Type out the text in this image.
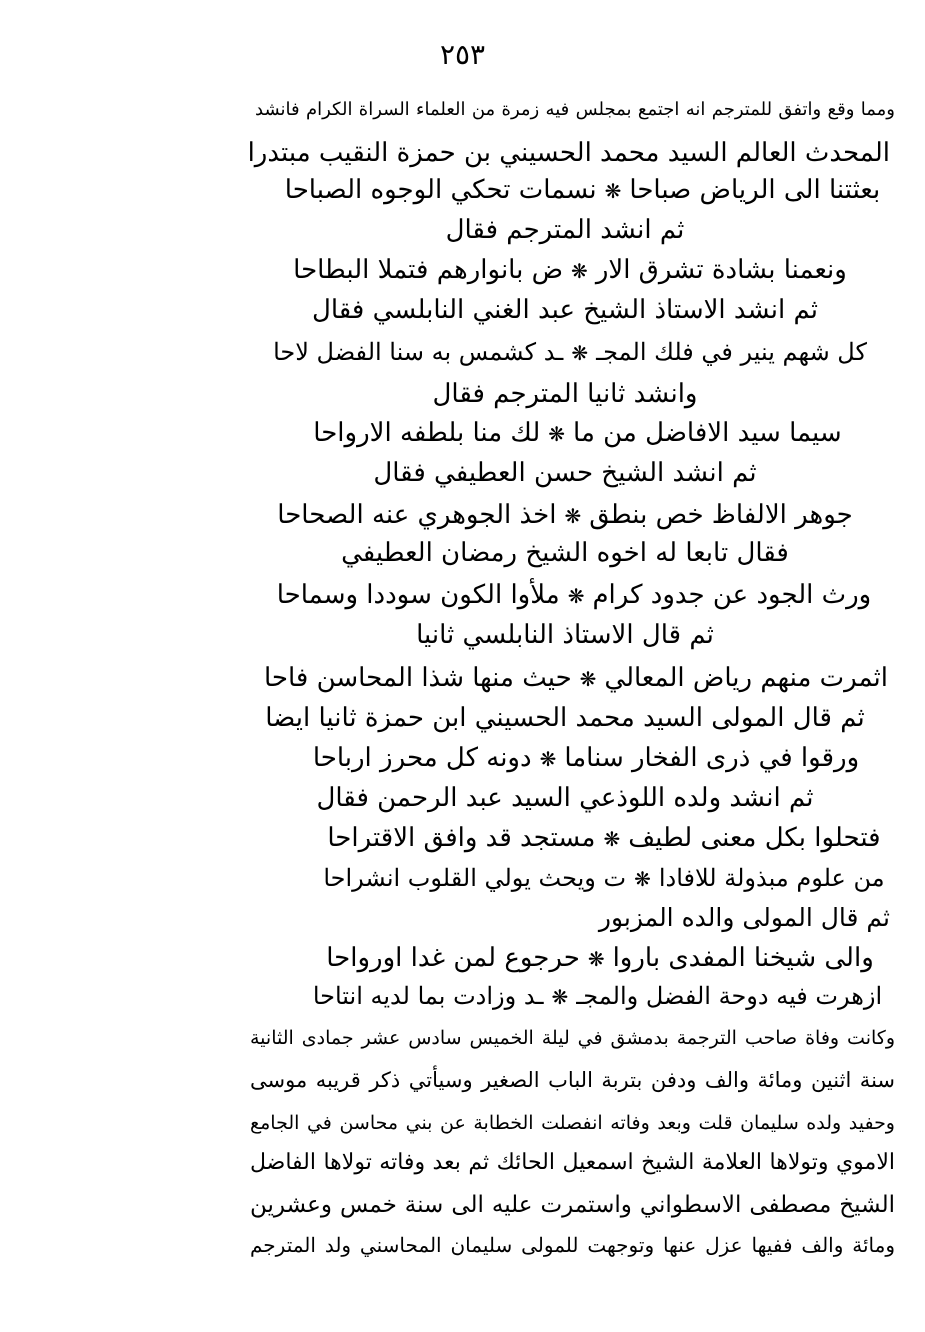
٢٥٣
ومما وقع واتفق للمترجم انه اجتمع بمجلس فيه زمرة من العلماء السراة الكرام فانشد
المحدث العالم السيد محمد الحسيني بن حمزة النقيب مبتدرا
بعثتنا الى الرياض صباحا❋نسمات تحكي الوجوه الصباحا
ثم انشد المترجم فقال
ونعمنا بشادة تشرق الار❋ض بانوارهم فتملا البطاحا
ثم انشد الاستاذ الشيخ عبد الغني النابلسي فقال
كل شهم ينير في فلك المجـ❋ـد كشمس به سنا الفضل لاحا
وانشد ثانيا المترجم فقال
سيما سيد الافاضل من ما❋لك منا بلطفه الارواحا
ثم انشد الشيخ حسن العطيفي فقال
جوهر الالفاظ خص بنطق❋اخذ الجوهري عنه الصحاحا
فقال تابعا له اخوه الشيخ رمضان العطيفي
ورث الجود عن جدود كرام❋ملأوا الكون سوددا وسماحا
ثم قال الاستاذ النابلسي ثانيا
اثمرت منهم رياض المعالي❋حيث منها شذا المحاسن فاحا
ثم قال المولى السيد محمد الحسيني ابن حمزة ثانيا ايضا
ورقوا في ذرى الفخار سناما❋دونه كل محرز ارباحا
ثم انشد ولده اللوذعي السيد عبد الرحمن فقال
فتحلوا بكل معنى لطيف❋مستجد قد وافق الاقتراحا
من علوم مبذولة للافادا❋ت ويحث يولي القلوب انشراحا
ثم قال المولى والده المزبور
والى شيخنا المفدى باروا❋حرجوع لمن غدا اورواحا
ازهرت فيه دوحة الفضل والمجـ❋ـد وزادت بما لديه انتاحا
وكانت وفاة صاحب الترجمة بدمشق في ليلة الخميس سادس عشر جمادى الثانية
سنة اثنين ومائة والف ودفن بتربة الباب الصغير وسيأتي ذكر قريبه موسى
وحفيد ولده سليمان قلت وبعد وفاته انفصلت الخطابة عن بني محاسن في الجامع
الاموي وتولاها العلامة الشيخ اسمعيل الحائك ثم بعد وفاته تولاها الفاضل
الشيخ مصطفى الاسطواني واستمرت عليه الى سنة خمس وعشرين
ومائة والف ففيها عزل عنها وتوجهت للمولى سليمان المحاسني ولد المترجم
